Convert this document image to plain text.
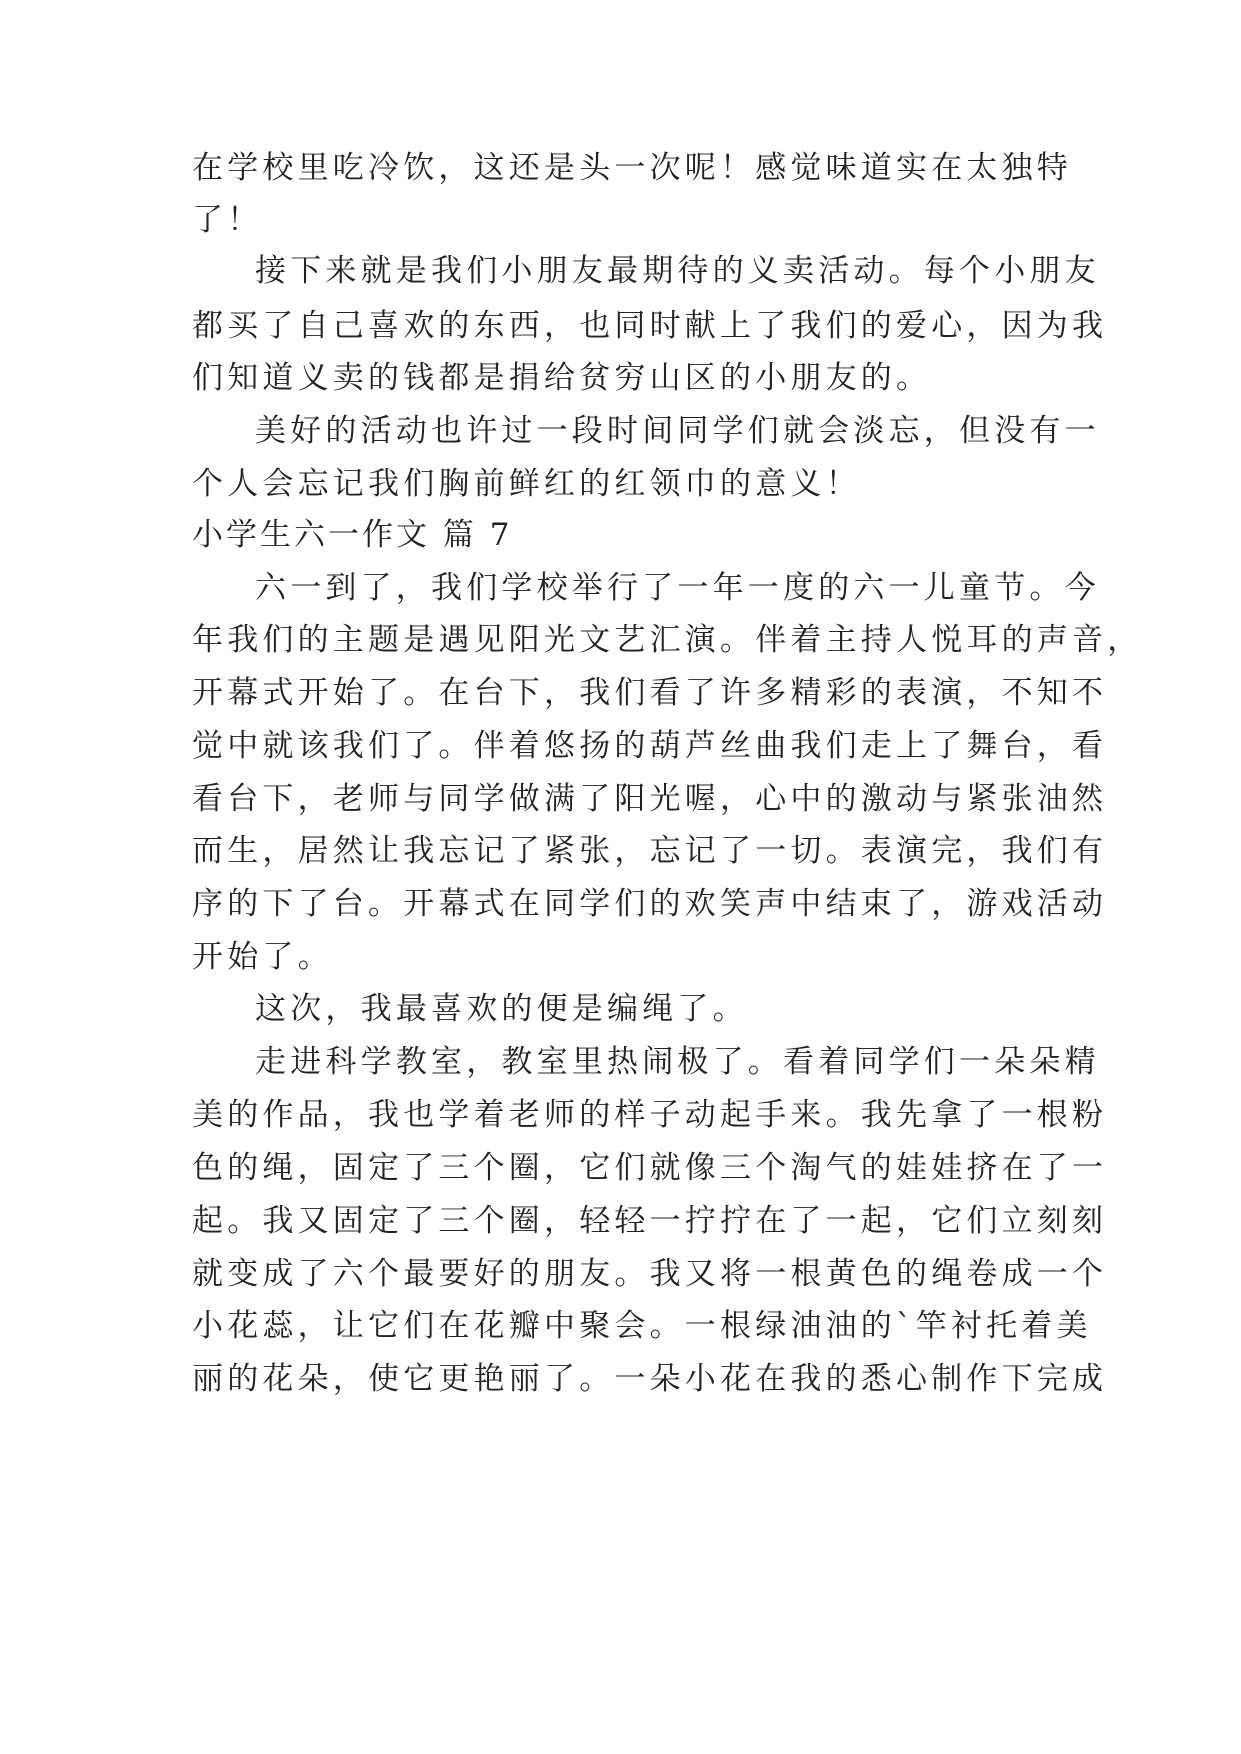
在学校里吃冷饮，这还是头一次呢！感觉味道实在太独特
了！
接下来就是我们小朋友最期待的义卖活动。每个小朋友
都买了自己喜欢的东西，也同时献上了我们的爱心，因为我
们知道义卖的钱都是捐给贫穷山区的小朋友的。
美好的活动也许过一段时间同学们就会淡忘，但没有一
个人会忘记我们胸前鲜红的红领巾的意义！
小学生六一作文 篇 7
六一到了，我们学校举行了一年一度的六一儿童节。今
年我们的主题是遇见阳光文艺汇演。伴着主持人悦耳的声音，
开幕式开始了。在台下，我们看了许多精彩的表演，不知不
觉中就该我们了。伴着悠扬的葫芦丝曲我们走上了舞台，看
看台下，老师与同学做满了阳光喔，心中的激动与紧张油然
而生，居然让我忘记了紧张，忘记了一切。表演完，我们有
序的下了台。开幕式在同学们的欢笑声中结束了，游戏活动
开始了。
这次，我最喜欢的便是编绳了。
走进科学教室，教室里热闹极了。看着同学们一朵朵精
美的作品，我也学着老师的样子动起手来。我先拿了一根粉
色的绳，固定了三个圈，它们就像三个淘气的娃娃挤在了一
起。我又固定了三个圈，轻轻一拧拧在了一起，它们立刻刻
就变成了六个最要好的朋友。我又将一根黄色的绳卷成一个
小花蕊，让它们在花瓣中聚会。一根绿油油的`竿衬托着美
丽的花朵，使它更艳丽了。一朵小花在我的悉心制作下完成
